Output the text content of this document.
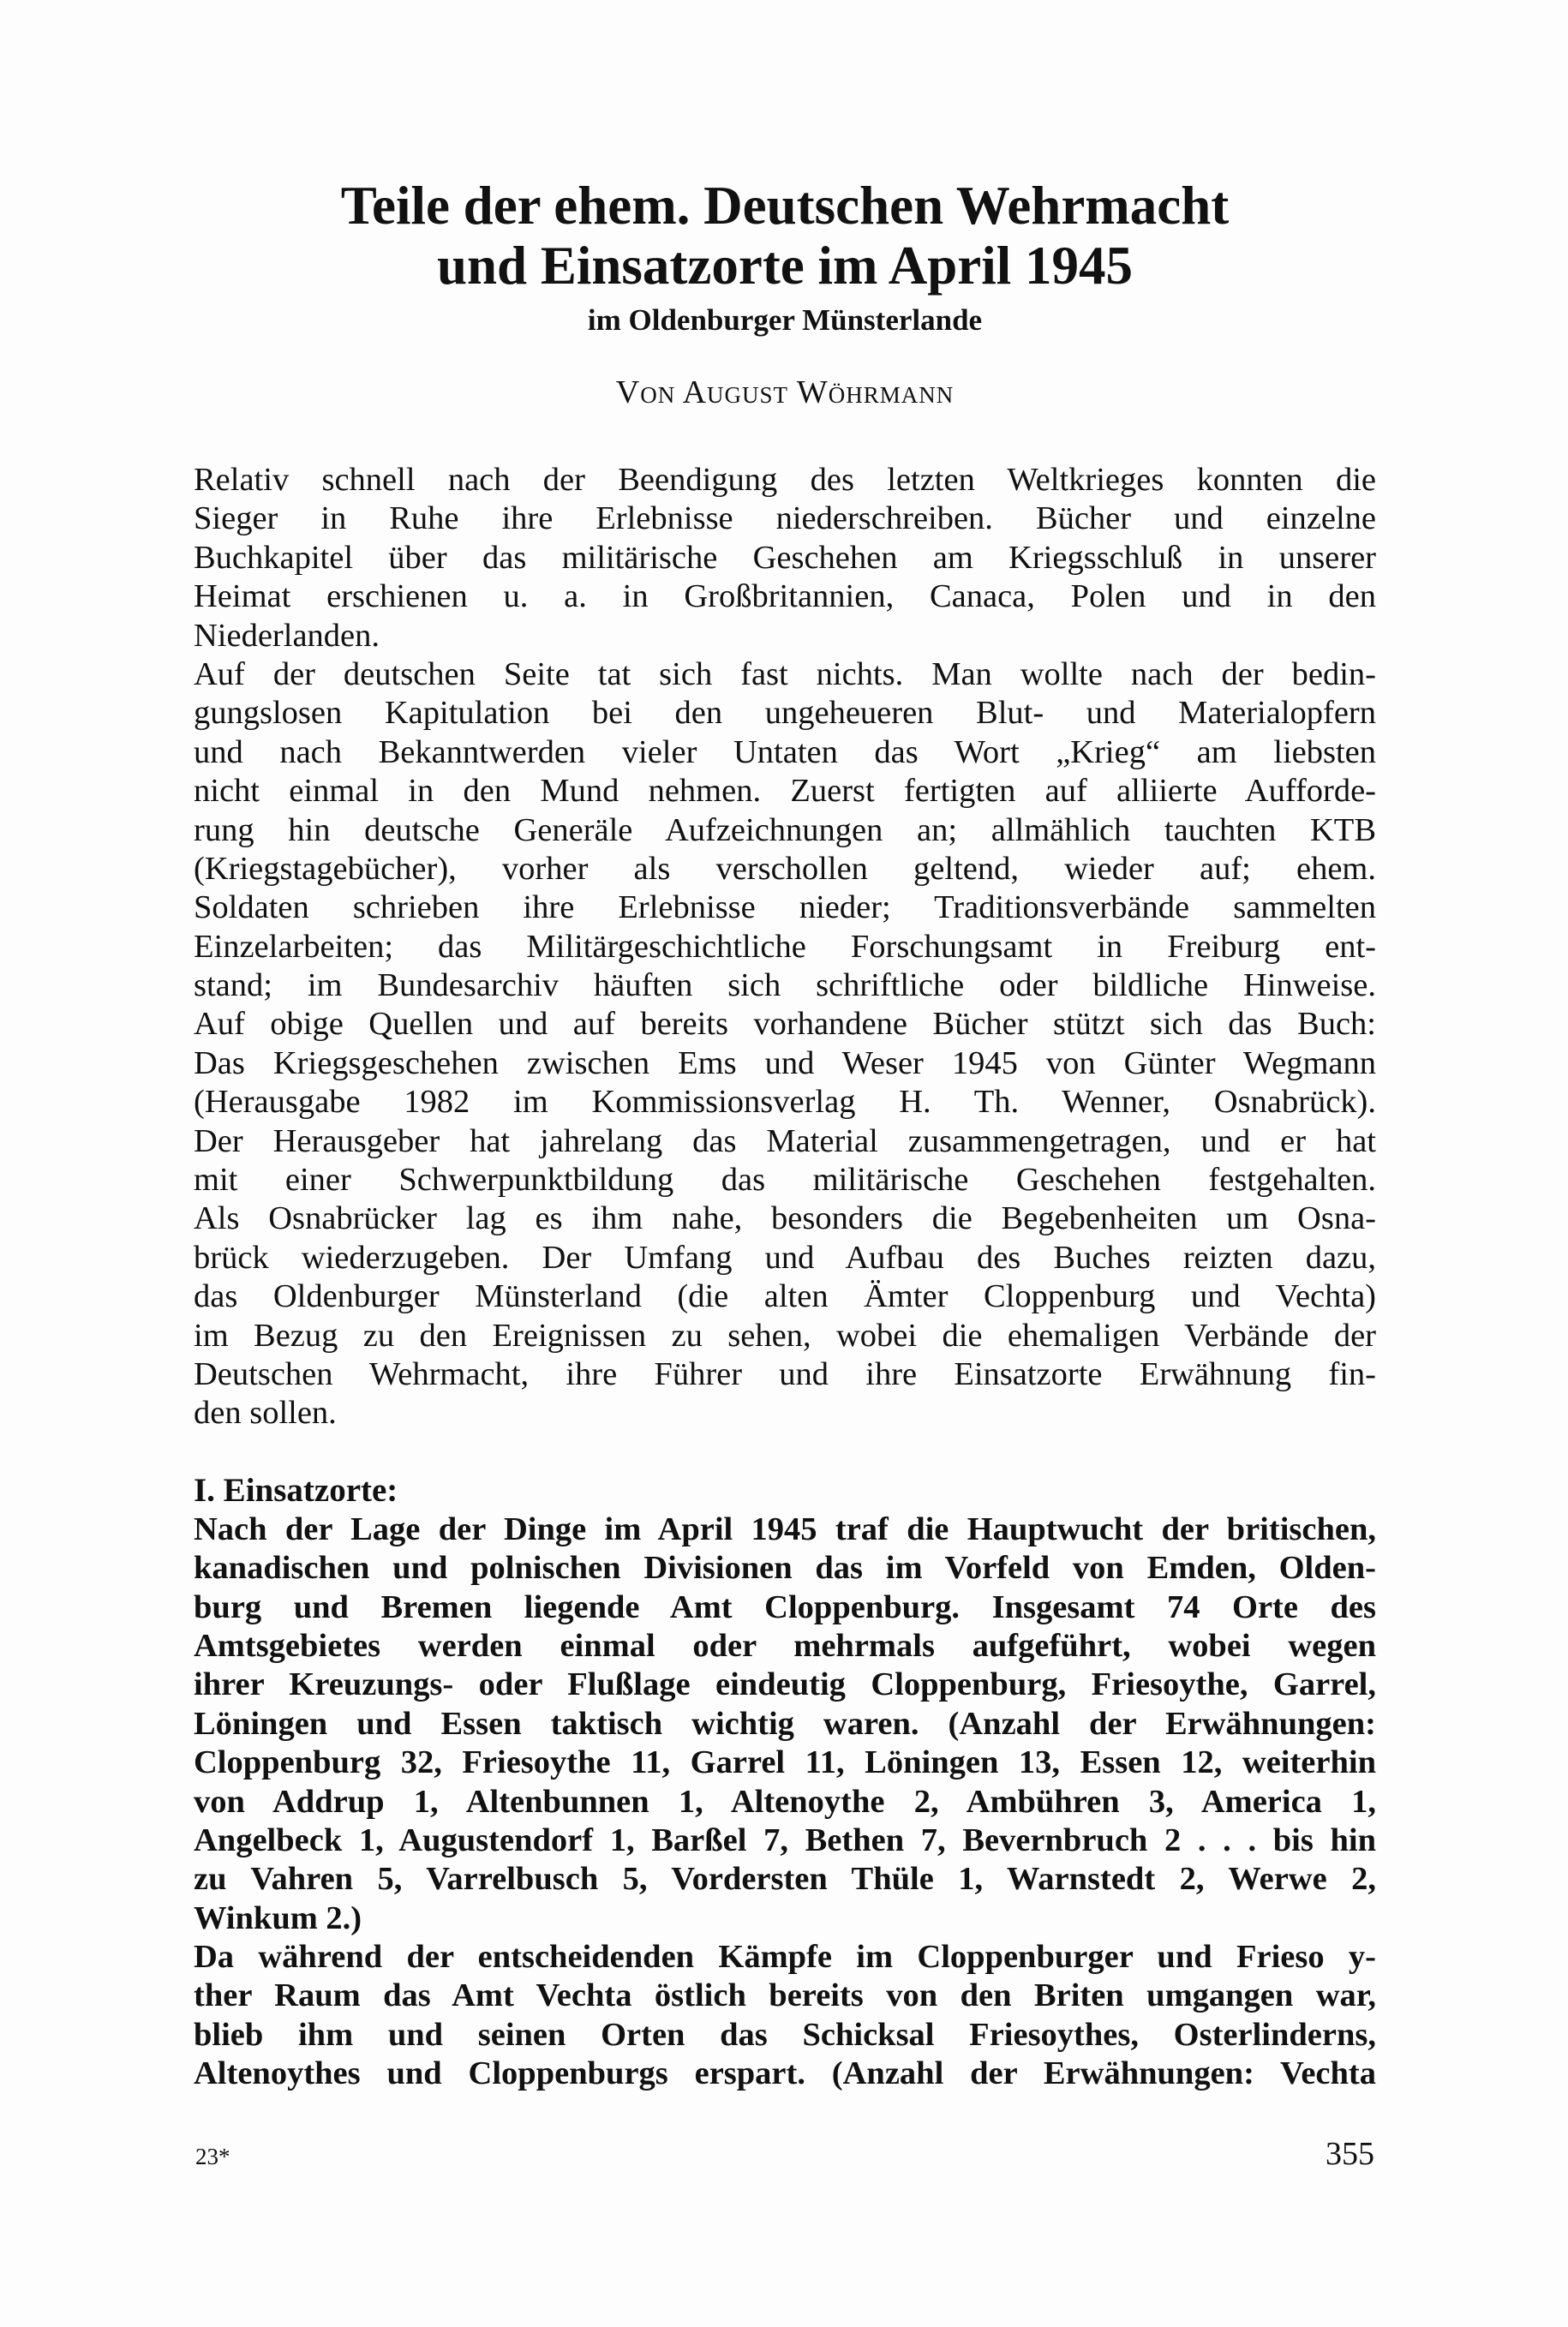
Teile der ehem. Deutschen Wehrmacht
und Einsatzorte im April 1945
im Oldenburger Münsterlande
Von August Wöhrmann
Relativ schnell nach der Beendigung des letzten Weltkrieges konnten die
Sieger in Ruhe ihre Erlebnisse niederschreiben. Bücher und einzelne
Buchkapitel über das militärische Geschehen am Kriegsschluß in unserer
Heimat erschienen u. a. in Großbritannien, Canaca, Polen und in den
Niederlanden.
Auf der deutschen Seite tat sich fast nichts. Man wollte nach der bedin-
gungslosen Kapitulation bei den ungeheueren Blut- und Materialopfern
und nach Bekanntwerden vieler Untaten das Wort „Krieg“ am liebsten
nicht einmal in den Mund nehmen. Zuerst fertigten auf alliierte Aufforde-
rung hin deutsche Generäle Aufzeichnungen an; allmählich tauchten KTB
(Kriegstagebücher), vorher als verschollen geltend, wieder auf; ehem.
Soldaten schrieben ihre Erlebnisse nieder; Traditionsverbände sammelten
Einzelarbeiten; das Militärgeschichtliche Forschungsamt in Freiburg ent-
stand; im Bundesarchiv häuften sich schriftliche oder bildliche Hinweise.
Auf obige Quellen und auf bereits vorhandene Bücher stützt sich das Buch:
Das Kriegsgeschehen zwischen Ems und Weser 1945 von Günter Wegmann
(Herausgabe 1982 im Kommissionsverlag H. Th. Wenner, Osnabrück).
Der Herausgeber hat jahrelang das Material zusammengetragen, und er hat
mit einer Schwerpunktbildung das militärische Geschehen festgehalten.
Als Osnabrücker lag es ihm nahe, besonders die Begebenheiten um Osna-
brück wiederzugeben. Der Umfang und Aufbau des Buches reizten dazu,
das Oldenburger Münsterland (die alten Ämter Cloppenburg und Vechta)
im Bezug zu den Ereignissen zu sehen, wobei die ehemaligen Verbände der
Deutschen Wehrmacht, ihre Führer und ihre Einsatzorte Erwähnung fin-
den sollen.
I. Einsatzorte:
Nach der Lage der Dinge im April 1945 traf die Hauptwucht der britischen,
kanadischen und polnischen Divisionen das im Vorfeld von Emden, Olden-
burg und Bremen liegende Amt Cloppenburg. Insgesamt 74 Orte des
Amtsgebietes werden einmal oder mehrmals aufgeführt, wobei wegen
ihrer Kreuzungs- oder Flußlage eindeutig Cloppenburg, Friesoythe, Garrel,
Löningen und Essen taktisch wichtig waren. (Anzahl der Erwähnungen:
Cloppenburg 32, Friesoythe 11, Garrel 11, Löningen 13, Essen 12, weiterhin
von Addrup 1, Altenbunnen 1, Altenoythe 2, Ambühren 3, America 1,
Angelbeck 1, Augustendorf 1, Barßel 7, Bethen 7, Bevernbruch 2 . . . bis hin
zu Vahren 5, Varrelbusch 5, Vordersten Thüle 1, Warnstedt 2, Werwe 2,
Winkum 2.)
Da während der entscheidenden Kämpfe im Cloppenburger und Frieso y-
ther Raum das Amt Vechta östlich bereits von den Briten umgangen war,
blieb ihm und seinen Orten das Schicksal Friesoythes, Osterlinderns,
Altenoythes und Cloppenburgs erspart. (Anzahl der Erwähnungen: Vechta
23*	355
